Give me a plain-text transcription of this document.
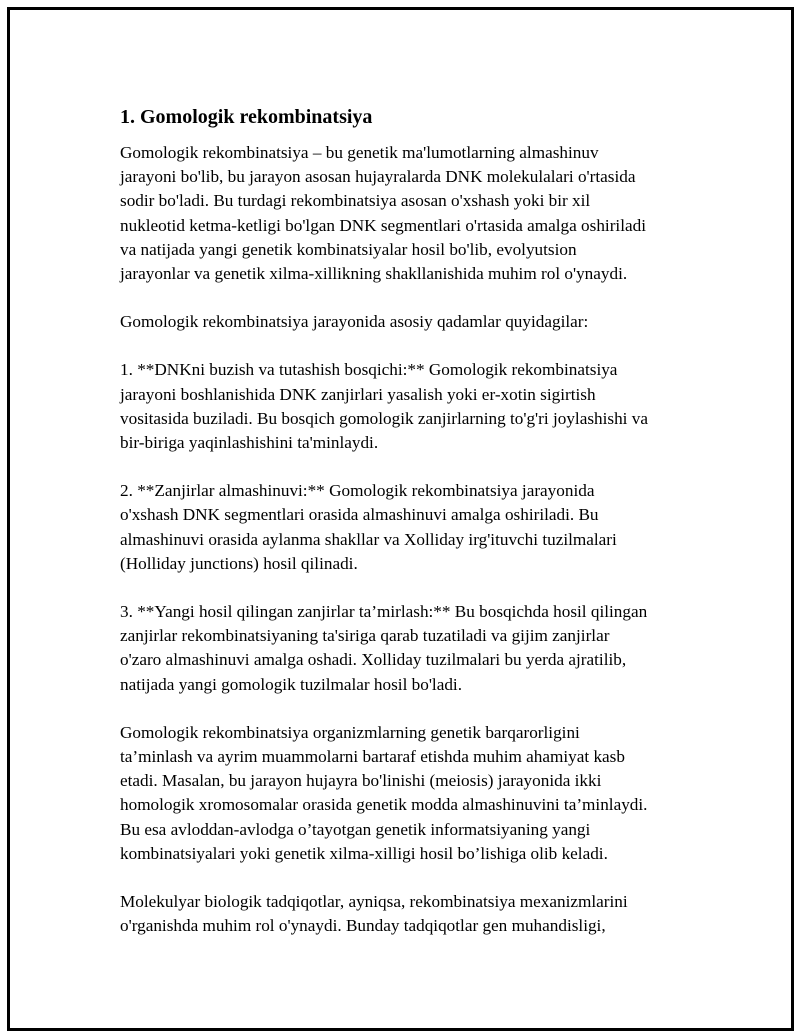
1. Gomologik rekombinatsiya

Gomologik rekombinatsiya – bu genetik ma'lumotlarning almashinuv
jarayoni bo'lib, bu jarayon asosan hujayralarda DNK molekulalari o'rtasida
sodir bo'ladi. Bu turdagi rekombinatsiya asosan o'xshash yoki bir xil
nukleotid ketma-ketligi bo'lgan DNK segmentlari o'rtasida amalga oshiriladi
va natijada yangi genetik kombinatsiyalar hosil bo'lib, evolyutsion
jarayonlar va genetik xilma-xillikning shakllanishida muhim rol o'ynaydi.

Gomologik rekombinatsiya jarayonida asosiy qadamlar quyidagilar:

1. **DNKni buzish va tutashish bosqichi:** Gomologik rekombinatsiya
jarayoni boshlanishida DNK zanjirlari yasalish yoki er-xotin sigirtish
vositasida buziladi. Bu bosqich gomologik zanjirlarning to'g'ri joylashishi va
bir-biriga yaqinlashishini ta'minlaydi.

2. **Zanjirlar almashinuvi:** Gomologik rekombinatsiya jarayonida
o'xshash DNK segmentlari orasida almashinuvi amalga oshiriladi. Bu
almashinuvi orasida aylanma shakllar va Xolliday irg'ituvchi tuzilmalari
(Holliday junctions) hosil qilinadi.

3. **Yangi hosil qilingan zanjirlar ta’mirlash:** Bu bosqichda hosil qilingan
zanjirlar rekombinatsiyaning ta'siriga qarab tuzatiladi va gijim zanjirlar
o'zaro almashinuvi amalga oshadi. Xolliday tuzilmalari bu yerda ajratilib,
natijada yangi gomologik tuzilmalar hosil bo'ladi.

Gomologik rekombinatsiya organizmlarning genetik barqarorligini
ta’minlash va ayrim muammolarni bartaraf etishda muhim ahamiyat kasb
etadi. Masalan, bu jarayon hujayra bo'linishi (meiosis) jarayonida ikki
homologik xromosomalar orasida genetik modda almashinuvini ta’minlaydi.
Bu esa avloddan-avlodga o’tayotgan genetik informatsiyaning yangi
kombinatsiyalari yoki genetik xilma-xilligi hosil bo’lishiga olib keladi.

Molekulyar biologik tadqiqotlar, ayniqsa, rekombinatsiya mexanizmlarini
o'rganishda muhim rol o'ynaydi. Bunday tadqiqotlar gen muhandisligi,
